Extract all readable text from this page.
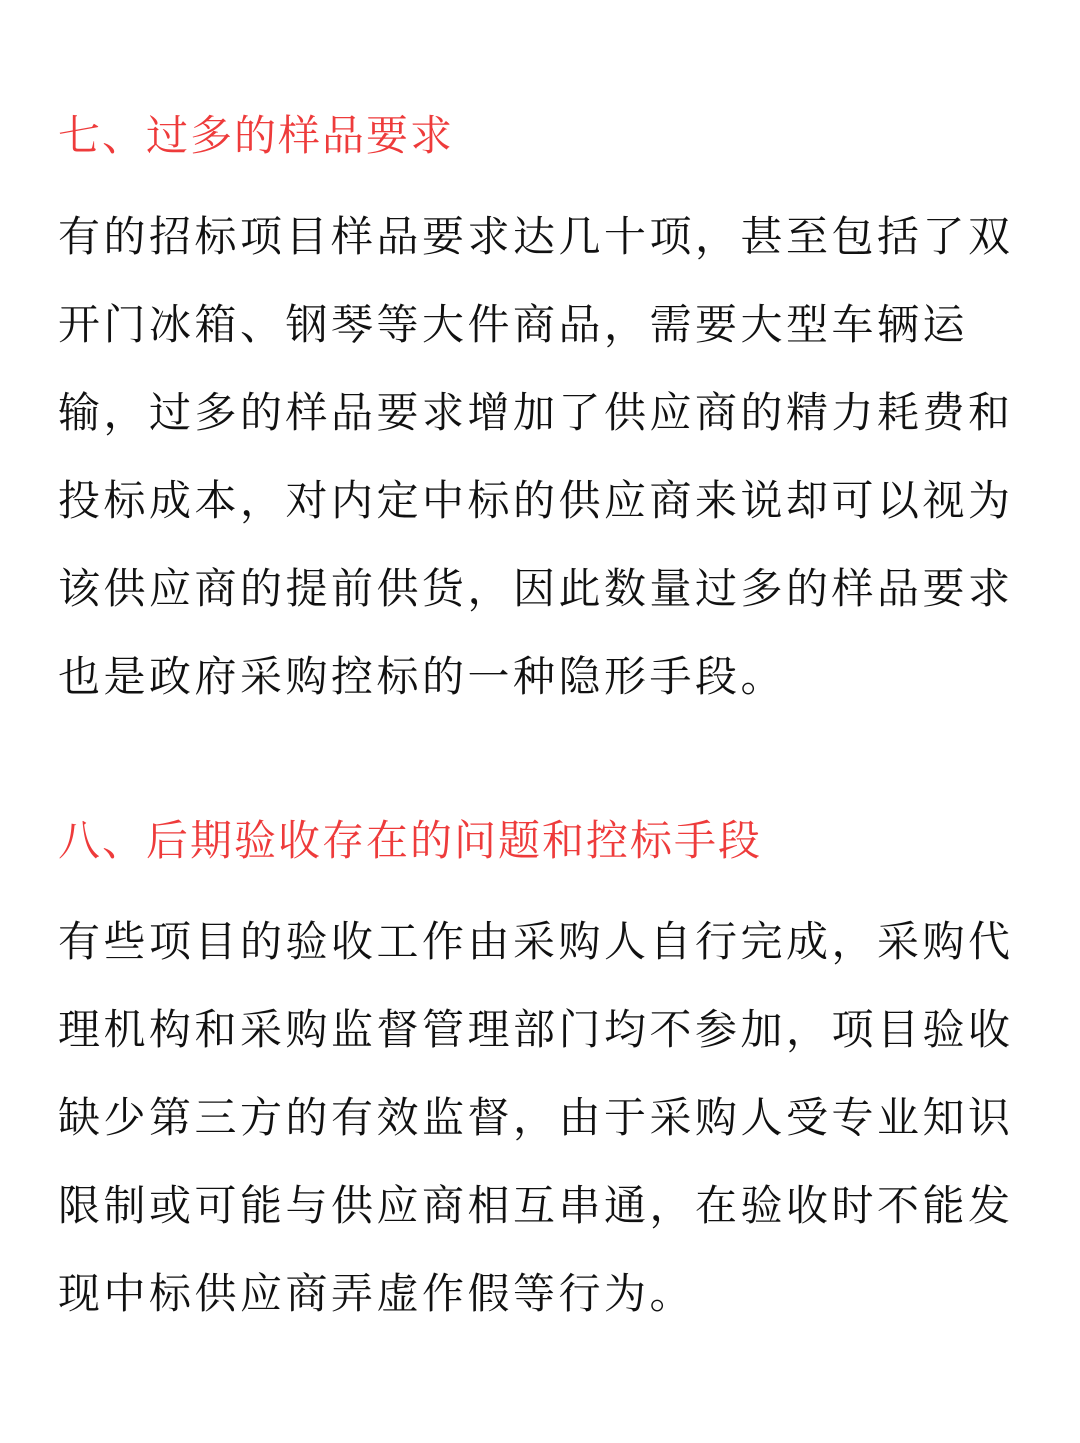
七、过多的样品要求

有的招标项目样品要求达几十项，甚至包括了双
开门冰箱、钢琴等大件商品，需要大型车辆运
输，过多的样品要求增加了供应商的精力耗费和
投标成本，对内定中标的供应商来说却可以视为
该供应商的提前供货，因此数量过多的样品要求
也是政府采购控标的一种隐形手段。

八、后期验收存在的问题和控标手段

有些项目的验收工作由采购人自行完成，采购代
理机构和采购监督管理部门均不参加，项目验收
缺少第三方的有效监督，由于采购人受专业知识
限制或可能与供应商相互串通，在验收时不能发
现中标供应商弄虚作假等行为。
